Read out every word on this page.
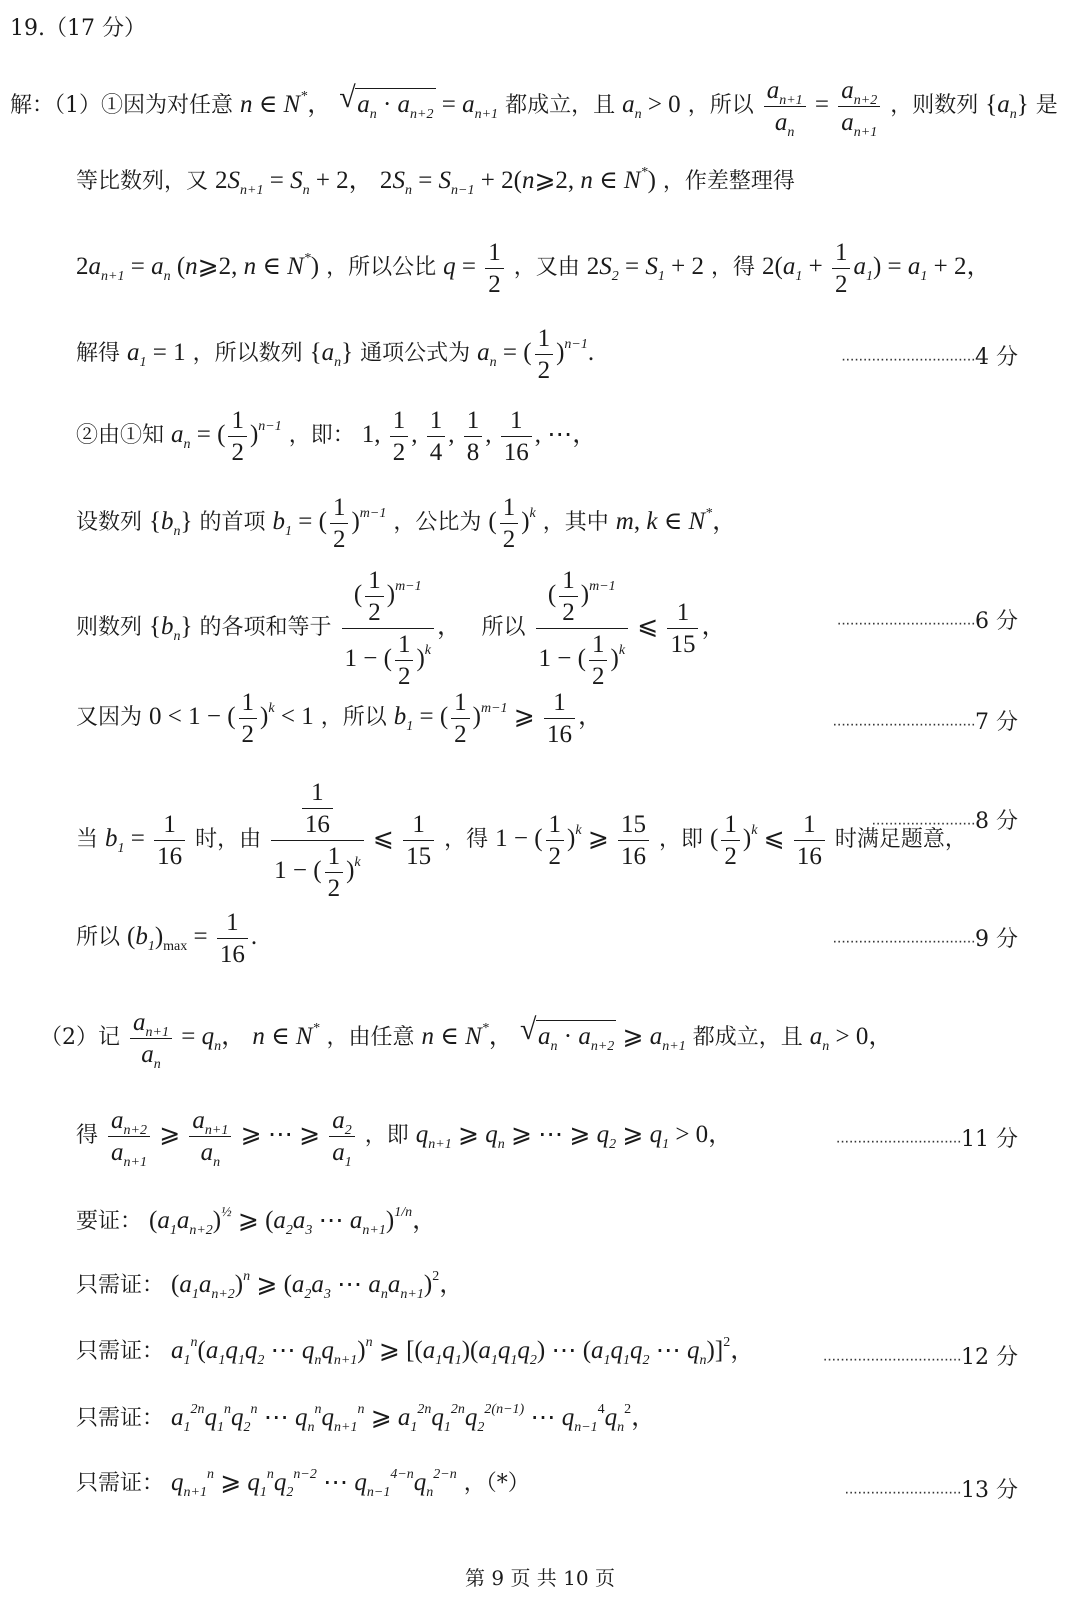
19.（17 分）
解：（1）①因为对任意 n ∈ N*， √ $a_n \cdot a_{n+2} = a_{n+1}$ 都成立，且 $a_n > 0$ ，所以 $\frac{a_{n+1}}{a_n} = \frac{a_{n+2}}{a_{n+1}}$ ，则数列 $\{a_n\}$ 是
等比数列，又 $2S_{n+1} = S_n + 2$， $2S_n = S_{n-1}$ + 2(n⩾2, n ∈ N*) ，作差整理得
$2a_{n+1} = a_n$ (n⩾2, n ∈ N*) ，所以公比 $q = \frac{1}{2}$ ，又由 $2S_2 = S_1 + 2$ ，得 $2(a_1 + \frac{1}{2} a_1) = a_1 + 2$，
解得 $a_1 = 1$ ，所以数列 $\{a_n\}$ 通项公式为 $a_n$ = ( $\frac{1}{2} )^{n-1}$.	·······························4 分
②由①知 $a_n$ = ( $\frac{1}{2} )^{n-1}$ ，即： 1, $\frac{1}{2}$ , $\frac{1}{4}$ , $\frac{1}{8}$ , $\frac{1}{16}$ , ⋯，
设数列 $\{b_n\}$ 的首项 $b_1$ = ( $\frac{1}{2} )^{m-1}$ ，公比为 ( $\frac{1}{2} )^k$ ，其中 m, k ∈ N*，
则数列 $\{b_n\}$ 的各项和等于 $\frac{( \frac{1}{2} )^{m-1}}{1 - ( \frac{1}{2} )^k}$ ，   所以 $\frac{( \frac{1}{2} )^{m-1}}{1 - ( \frac{1}{2} )^k}$ ⩽ $\frac{1}{15}$ ，	································6 分
又因为 0 < 1 − ( $\frac{1}{2} )^k < 1$ ，所以 $b_1$ = ( $\frac{1}{2} )^{m-1}$ ⩾ $\frac{1}{16}$ ，	·································7 分
当 $b_1 = \frac{1}{16}$ 时，由 $\frac{\frac{1}{16}}{1 - ( \frac{1}{2} )^k}$ ⩽ $\frac{1}{15}$ ，得 1 − ( $\frac{1}{2} )^k$ ⩾ $\frac{15}{16}$ ，即 ( $\frac{1}{2} )^k$ ⩽ $\frac{1}{16}$ 时满足题意，
························8 分
所以 $(b_1)_{max} = \frac{1}{16}$ .	·································9 分
（2）记 $\frac{a_{n+1}}{a_n} = q_n$， n ∈ N* ，由任意 n ∈ N*， √ $a_n \cdot a_{n+2}$ ⩾ $a_{n+1}$ 都成立，且 $a_n > 0$，
得 $\frac{a_{n+2}}{a_{n+1}}$ ⩾ $\frac{a_{n+1}}{a_n}$ ⩾ ⋯ ⩾ $\frac{a_2}{a_1}$ ，即 $q_{n+1}$ ⩾ $q_n$ ⩾ ⋯ ⩾ $q_2$ ⩾ $q_1 > 0$，	·····························11 分
要证： $(a_1a_{n+2})^{\frac{1}{2}}$ ⩾ ($a_2a_3$ ⋯ $a_{n+1})^{1/n}$，
只需证： $(a_1a_{n+2})^n$ ⩾ ($a_2a_3$ ⋯ $a_na_{n+1})^2$，
只需证： $a_1^n(a_1q_1q_2$ ⋯ $q_nq_{n+1})^n$ ⩾ [$(a_1q_1)(a_1q_1q_2)$ ⋯ ($a_1q_1q_2$ ⋯ $q_n)]^2$，	································12 分
只需证： $a_1^{2n}q_1^nq_2^n$ ⋯ $q_n^nq_{n+1}^n$ ⩾ $a_1^{2n}q_1^{2n}q_2^{2(n-1)}$ ⋯ $q_{n-1}^4q_n^2$，
只需证： $q_{n+1}^n$ ⩾ $q_1^nq_2^{n-2}$ ⋯ $q_{n-1}^{4-n}q_n^{2-n}$ ，（*）	···························13 分
第 9 页 共 10 页
